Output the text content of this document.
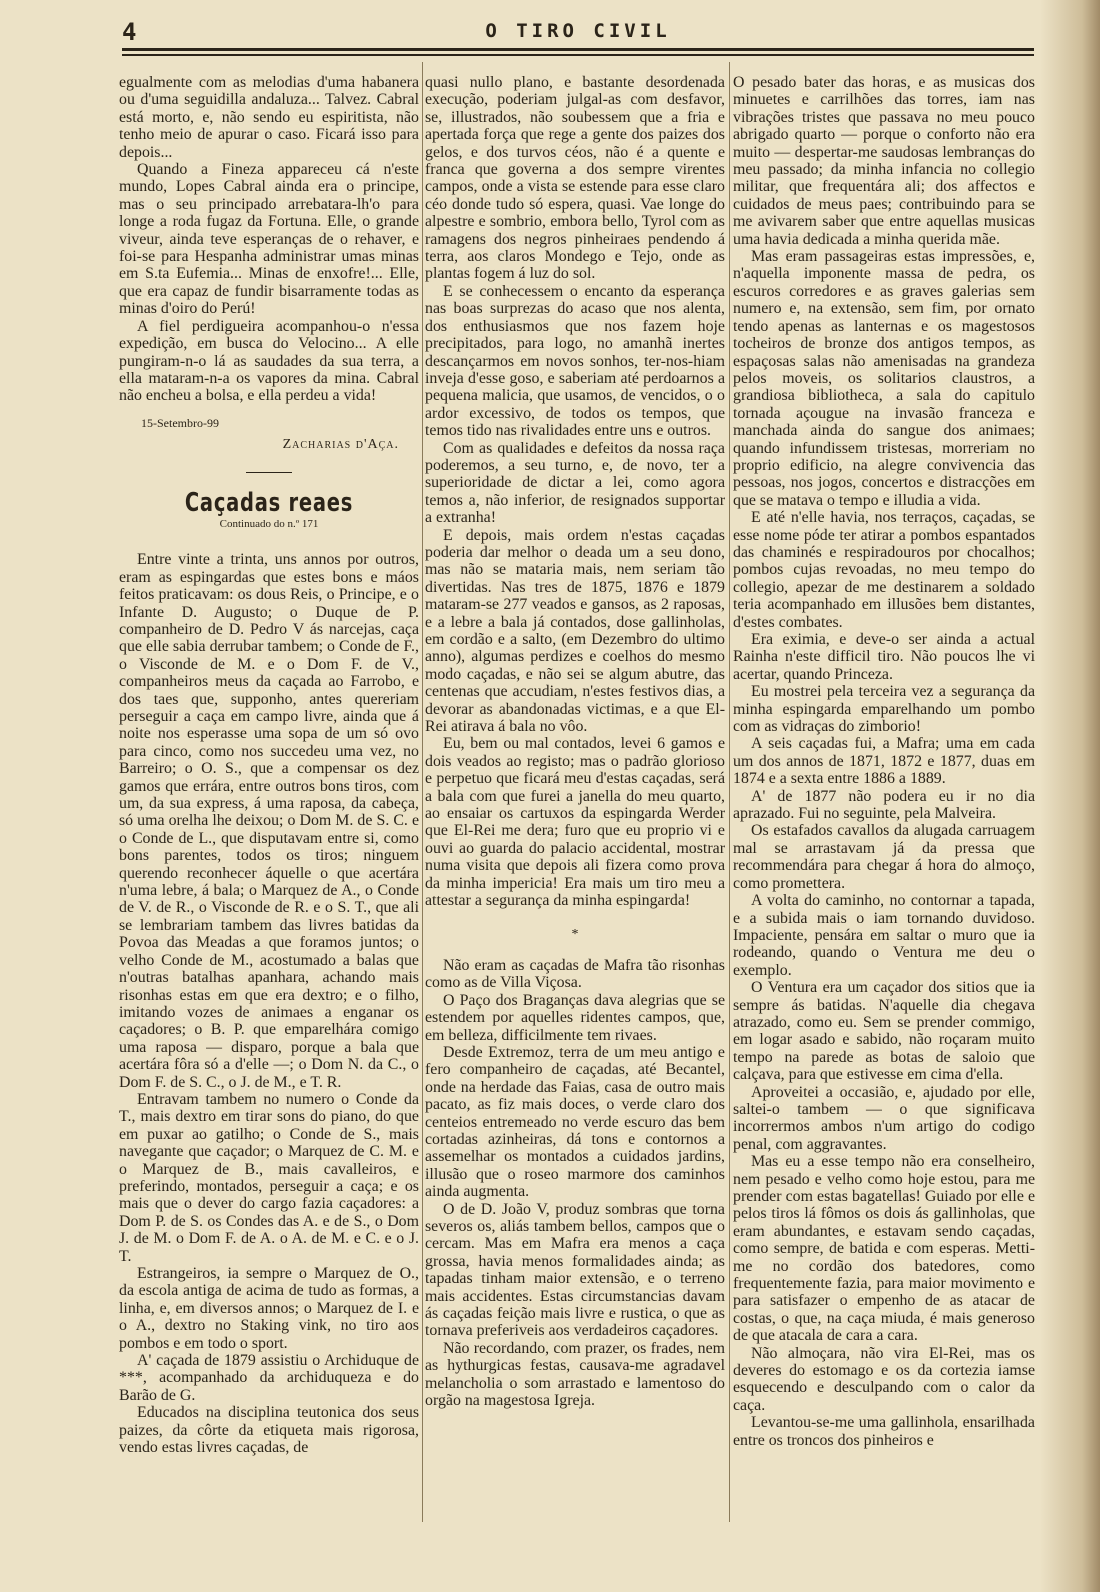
4	O TIRO CIVIL

egualmente com as melodias d'uma habanera ou d'uma seguidilla andaluza... Talvez. Cabral está morto, e, não sendo eu espiritista, não tenho meio de apurar o caso. Ficará isso para depois...

Quando a Fineza appareceu cá n'este mundo, Lopes Cabral ainda era o principe, mas o seu principado arrebatara-lh'o para longe a roda fugaz da Fortuna. Elle, o grande viveur, ainda teve esperanças de o rehaver, e foi-se para Hespanha administrar umas minas em S.ta Eufemia... Minas de enxofre!... Elle, que era capaz de fundir bisarramente todas as minas d'oiro do Perú!

A fiel perdigueira acompanhou-o n'essa expedição, em busca do Velocino... A elle pungiram-n-o lá as saudades da sua terra, a ella mataram-n-a os vapores da mina. Cabral não encheu a bolsa, e ella perdeu a vida!

15-Setembro-99
Zacharias d'Aça.
Caçadas reaes
Continuado do n.º 171

Entre vinte a trinta, uns annos por outros, eram as espingardas que estes bons e máos feitos praticavam: os dous Reis, o Principe, e o Infante D. Augusto; o Duque de P. companheiro de D. Pedro V ás narcejas, caça que elle sabia derrubar tambem; o Conde de F., o Visconde de M. e o Dom F. de V., companheiros meus da caçada ao Farrobo, e dos taes que, supponho, antes quereriam perseguir a caça em campo livre, ainda que á noite nos esperasse uma sopa de um só ovo para cinco, como nos succedeu uma vez, no Barreiro; o O. S., que a compensar os dez gamos que errára, entre outros bons tiros, com um, da sua express, á uma raposa, da cabeça, só uma orelha lhe deixou; o Dom M. de S. C. e o Conde de L., que disputavam entre si, como bons parentes, todos os tiros; ninguem querendo reconhecer áquelle o que acertára n'uma lebre, á bala; o Marquez de A., o Conde de V. de R., o Visconde de R. e o S. T., que ali se lembrariam tambem das livres batidas da Povoa das Meadas a que foramos juntos; o velho Conde de M., acostumado a balas que n'outras batalhas apanhara, achando mais risonhas estas em que era dextro; e o filho, imitando vozes de animaes a enganar os caçadores; o B. P. que emparelhára comigo uma raposa — disparo, porque a bala que acertára fôra só a d'elle —; o Dom N. da C., o Dom F. de S. C., o J. de M., e T. R.

Entravam tambem no numero o Conde da T., mais dextro em tirar sons do piano, do que em puxar ao gatilho; o Conde de S., mais navegante que caçador; o Marquez de C. M. e o Marquez de B., mais cavalleiros, e preferindo, montados, perseguir a caça; e os mais que o dever do cargo fazia caçadores: a Dom P. de S. os Condes das A. e de S., o Dom J. de M. o Dom F. de A. o A. de M. e C. e o J. T.

Estrangeiros, ia sempre o Marquez de O., da escola antiga de acima de tudo as formas, a linha, e, em diversos annos; o Marquez de I. e o A., dextro no Staking vink, no tiro aos pombos e em todo o sport.

A' caçada de 1879 assistiu o Archiduque de ***, acompanhado da archiduqueza e do Barão de G.

Educados na disciplina teutonica dos seus paizes, da côrte da etiqueta mais rigorosa, vendo estas livres caçadas, de

quasi nullo plano, e bastante desordenada execução, poderiam julgal-as com desfavor, se, illustrados, não soubessem que a fria e apertada força que rege a gente dos paizes dos gelos, e dos turvos céos, não é a quente e franca que governa a dos sempre virentes campos, onde a vista se estende para esse claro céo donde tudo só espera, quasi. Vae longe do alpestre e sombrio, embora bello, Tyrol com as ramagens dos negros pinheiraes pendendo á terra, aos claros Mondego e Tejo, onde as plantas fogem á luz do sol.

E se conhecessem o encanto da esperança nas boas surprezas do acaso que nos alenta, dos enthusiasmos que nos fazem hoje precipitados, para logo, no amanhã inertes descançarmos em novos sonhos, ter-nos-hiam inveja d'esse goso, e saberiam até perdoarnos a pequena malicia, que usamos, de vencidos, o o ardor excessivo, de todos os tempos, que temos tido nas rivalidades entre uns e outros.

Com as qualidades e defeitos da nossa raça poderemos, a seu turno, e, de novo, ter a superioridade de dictar a lei, como agora temos a, não inferior, de resignados supportar a extranha!

E depois, mais ordem n'estas caçadas poderia dar melhor o deada um a seu dono, mas não se mataria mais, nem seriam tão divertidas. Nas tres de 1875, 1876 e 1879 mataram-se 277 veados e gansos, as 2 raposas, e a lebre a bala já contados, dose gallinholas, em cordão e a salto, (em Dezembro do ultimo anno), algumas perdizes e coelhos do mesmo modo caçadas, e não sei se algum abutre, das centenas que accudiam, n'estes festivos dias, a devorar as abandonadas victimas, e a que El-Rei atirava á bala no vôo.

Eu, bem ou mal contados, levei 6 gamos e dois veados ao registo; mas o padrão glorioso e perpetuo que ficará meu d'estas caçadas, será a bala com que furei a janella do meu quarto, ao ensaiar os cartuxos da espingarda Werder que El-Rei me dera; furo que eu proprio vi e ouvi ao guarda do palacio accidental, mostrar numa visita que depois ali fizera como prova da minha impericia! Era mais um tiro meu a attestar a segurança da minha espingarda!

*

Não eram as caçadas de Mafra tão risonhas como as de Villa Viçosa.

O Paço dos Braganças dava alegrias que se estendem por aquelles ridentes campos, que, em belleza, difficilmente tem rivaes.

Desde Extremoz, terra de um meu antigo e fero companheiro de caçadas, até Becantel, onde na herdade das Faias, casa de outro mais pacato, as fiz mais doces, o verde claro dos centeios entremeado no verde escuro das bem cortadas azinheiras, dá tons e contornos a assemelhar os montados a cuidados jardins, illusão que o roseo marmore dos caminhos ainda augmenta.

O de D. João V, produz sombras que torna severos os, aliás tambem bellos, campos que o cercam. Mas em Mafra era menos a caça grossa, havia menos formalidades ainda; as tapadas tinham maior extensão, e o terreno mais accidentes. Estas circumstancias davam ás caçadas feição mais livre e rustica, o que as tornava preferiveis aos verdadeiros caçadores.

Não recordando, com prazer, os frades, nem as hythurgicas festas, causava-me agradavel melancholia o som arrastado e lamentoso do orgão na magestosa Igreja.

O pesado bater das horas, e as musicas dos minuetes e carrilhões das torres, iam nas vibrações tristes que passava no meu pouco abrigado quarto — porque o conforto não era muito — despertar-me saudosas lembranças do meu passado; da minha infancia no collegio militar, que frequentára ali; dos affectos e cuidados de meus paes; contribuindo para se me avivarem saber que entre aquellas musicas uma havia dedicada a minha querida mãe.

Mas eram passageiras estas impressões, e, n'aquella imponente massa de pedra, os escuros corredores e as graves galerias sem numero e, na extensão, sem fim, por ornato tendo apenas as lanternas e os magestosos tocheiros de bronze dos antigos tempos, as espaçosas salas não amenisadas na grandeza pelos moveis, os solitarios claustros, a grandiosa bibliotheca, a sala do capitulo tornada açougue na invasão franceza e manchada ainda do sangue dos animaes; quando infundissem tristesas, morreriam no proprio edificio, na alegre convivencia das pessoas, nos jogos, concertos e distracções em que se matava o tempo e illudia a vida.

E até n'elle havia, nos terraços, caçadas, se esse nome póde ter atirar a pombos espantados das chaminés e respiradouros por chocalhos; pombos cujas revoadas, no meu tempo do collegio, apezar de me destinarem a soldado teria acompanhado em illusões bem distantes, d'estes combates.

Era eximia, e deve-o ser ainda a actual Rainha n'este difficil tiro. Não poucos lhe vi acertar, quando Princeza.

Eu mostrei pela terceira vez a segurança da minha espingarda emparelhando um pombo com as vidraças do zimborio!

A seis caçadas fui, a Mafra; uma em cada um dos annos de 1871, 1872 e 1877, duas em 1874 e a sexta entre 1886 a 1889.

A' de 1877 não podera eu ir no dia aprazado. Fui no seguinte, pela Malveira.

Os estafados cavallos da alugada carruagem mal se arrastavam já da pressa que recommendára para chegar á hora do almoço, como promettera.

A volta do caminho, no contornar a tapada, e a subida mais o iam tornando duvidoso. Impaciente, pensára em saltar o muro que ia rodeando, quando o Ventura me deu o exemplo.

O Ventura era um caçador dos sitios que ia sempre ás batidas. N'aquelle dia chegava atrazado, como eu. Sem se prender commigo, em logar asado e sabido, não roçaram muito tempo na parede as botas de saloio que calçava, para que estivesse em cima d'ella.

Aproveitei a occasião, e, ajudado por elle, saltei-o tambem — o que significava incorrermos ambos n'um artigo do codigo penal, com aggravantes.

Mas eu a esse tempo não era conselheiro, nem pesado e velho como hoje estou, para me prender com estas bagatellas! Guiado por elle e pelos tiros lá fômos os dois ás gallinholas, que eram abundantes, e estavam sendo caçadas, como sempre, de batida e com esperas. Metti-me no cordão dos batedores, como frequentemente fazia, para maior movimento e para satisfazer o empenho de as atacar de costas, o que, na caça miuda, é mais generoso de que atacala de cara a cara.

Não almoçara, não vira El-Rei, mas os deveres do estomago e os da cortezia iamse esquecendo e desculpando com o calor da caça.

Levantou-se-me uma gallinhola, ensarilhada entre os troncos dos pinheiros e
